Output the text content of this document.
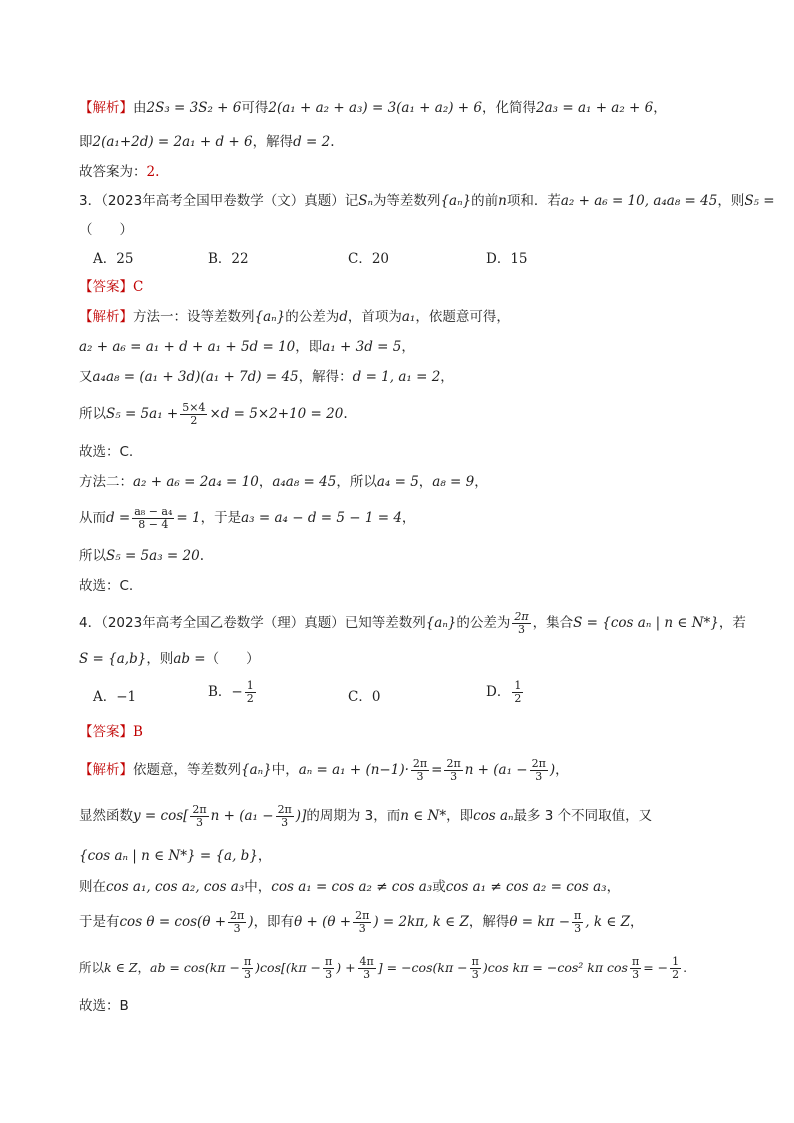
【解析】由2S₃ = 3S₂ + 6可得2(a₁ + a₂ + a₃) = 3(a₁ + a₂) + 6，化简得2a₃ = a₁ + a₂ + 6，
即2(a₁+2d) = 2a₁ + d + 6，解得d = 2.
故答案为：2.
3．（2023年高考全国甲卷数学（文）真题）记Sₙ为等差数列{aₙ}的前n项和．若a₂ + a₆ = 10, a₄a₈ = 45，则S₅ =
（　　）
A．25	B．22	C．20	D．15
【答案】C
【解析】方法一：设等差数列{aₙ}的公差为d，首项为a₁，依题意可得，
a₂ + a₆ = a₁ + d + a₁ + 5d = 10，即a₁ + 3d = 5，
又a₄a₈ = (a₁ + 3d)(a₁ + 7d) = 45，解得：d = 1, a₁ = 2，
所以$S_5 = 5a_1 + \frac{5\times 4}{2} \times d = 5\times 2+10 = 20$.
故选：C.
方法二：a₂ + a₆ = 2a₄ = 10，a₄a₈ = 45，所以a₄ = 5，a₈ = 9，
从而$d = \frac{\text{a₈ − a₄}}{8 - 4} = 1$，于是a₃ = a₄ − d = 5 − 1 = 4，
所以S₅ = 5a₃ = 20.
故选：C.
4．（2023年高考全国乙卷数学（理）真题）已知等差数列{aₙ}的公差为 $\frac{2\pi}{3}$ ，集合S = {cos aₙ | n ∈ N*}，若
S = {a,b}，则ab =（　　）
A．−1	B．− $\frac{1}{2}$	C．0	D． $\frac{1}{2}$
【答案】B
【解析】依题意，等差数列{aₙ}中，$a_n = a_1 + (n-1)\cdot \frac{2\pi}{3} = \frac{2\pi}{3}$ $n + (a_1 - \frac{2\pi}{3}$ )，
显然函数$y = \cos[ \frac{2\pi}{3}$ $n + (a_1 - \frac{2\pi}{3}$ )]的周期为 3，而n ∈ N*，即cos aₙ最多 3 个不同取值，又
{cos aₙ | n ∈ N*} = {a, b}，
则在cos a₁, cos a₂, cos a₃中，cos a₁ = cos a₂ ≠ cos a₃或cos a₁ ≠ cos a₂ = cos a₃，
于是有$\cos \theta = \cos(\theta + \frac{2\pi}{3}$ )，即有$\theta + (\theta + \frac{2\pi}{3}$ ) = 2kπ, k ∈ Z，解得$\theta = k\pi - \frac{\pi}{3}$ , k ∈ Z，
所以k ∈ Z，ab = $\cos(k\pi - \frac{\pi}{3} )\cos[(k\pi - \frac{\pi}{3}$ ) + $\frac{4\pi}{3}$ ] = $-\cos(k\pi - \frac{\pi}{3} )\cos$ kπ = −cos² kπ $\cos \frac{\pi}{3}$ = − $\frac{1}{2}$ .
故选：B
